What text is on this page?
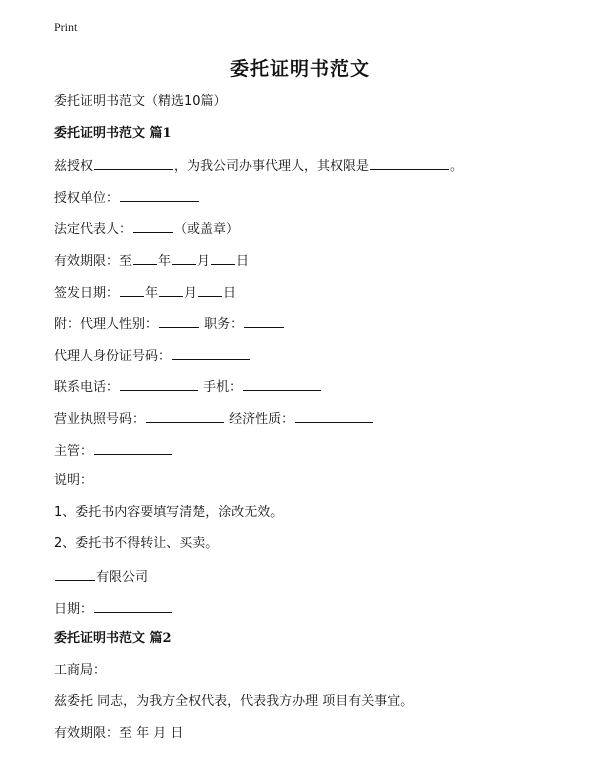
Print
委托证明书范文
委托证明书范文（精选10篇）
委托证明书范文 篇1
兹授权	，为我公司办事代理人，其权限是	。
授权单位：
法定代表人：	（或盖章）
有效期限：至 年 月 日
签发日期： 年 月 日
附：代理人性别：	职务：
代理人身份证号码：
联系电话：	手机：
营业执照号码：	经济性质：
主管：
说明：
1、委托书内容要填写清楚，涂改无效。
2、委托书不得转让、买卖。
有限公司
日期：
委托证明书范文 篇2
工商局：
兹委托 同志，为我方全权代表，代表我方办理 项目有关事宜。
有效期限：至 年 月 日
